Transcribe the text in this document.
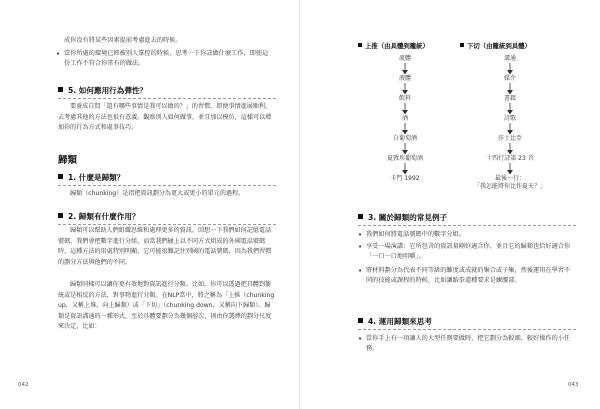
成你沒有將某些因素提前考慮進去的時候。
• 當你所處的環境已經被別人掌控的時候，思考一下你該做什麼工作，即使這份工作不符合你常有的做法。
5. 如何應用行為彈性？
要養成自問「還有哪些事情是我可以做的？」的習慣，即便事情進展順利，去考慮其他的方法也很有意義。觀察別人如何做事，並且加以模仿，這樣可以增加你的行為方式和處事技巧。
歸類
1. 什麼是歸類？
歸類（chunking）是指把資訊劃分為更大或更小的單元的過程。
2. 歸類有什麼作用？
歸類可以幫助人們組織思維和處理更多的資訊。回想一下我們如何記憶電話號碼，我們會把數字進行分組，而當我們碰上以不同方式組成的外國電話號碼時，這種方法的用處特別明顯，它可能很難記住別國的電話號碼，因為我們習慣的劃分方法與他們的不同。
歸類同樣可以讓你更有效地對資訊進行分類。比如，你可以透過把具體到籠統或是相反的方法，對事物進行分類。在NLP當中，將之稱為「上推（chunking up，又稱上堆、向上歸類）或「下切」（chunking down，又稱向下歸類）。歸類是資訊溝通的一種形式，至於具體要劃分為幾個層次，則由你選擇的劃分尺度來決定，比如：
042
上推（由具體到籠統）	下切（由籠統到具體）
流體
液體
飲料
酒
白葡萄酒
夏敦埃葡萄酒
卡門 1992
溝通
媒介
書籍
詩歌
莎士比亞
十四行詩第 23 首
最後一行：
「我怎能將你比作夏天？」
3. 關於歸類的常見例子
• 我們如何將電話號碼中的數字分組。
• 享受一場演講：它所包含的資訊量剛好適合你，並且它的歸類也恰好適合你「一口一口地咀嚼」。
• 將材料劃分為代表不同等級的難度或成就的集合或子集，然後運用在學習不同的技能或課程的時候，比如讓跆拳道種要求是練腰部。
4. 運用歸類來思考
• 當你手上有一項讓人的大型任務要做時，把它劃分為較細、較好操作的小任務。
043
